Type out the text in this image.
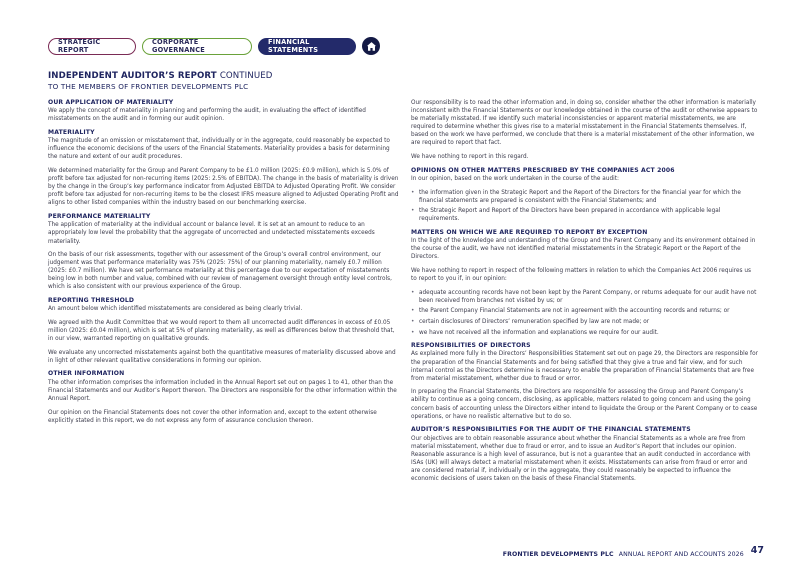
STRATEGIC REPORT
CORPORATE GOVERNANCE
FINANCIAL STATEMENTS
INDEPENDENT AUDITOR’S REPORT CONTINUED
TO THE MEMBERS OF FRONTIER DEVELOPMENTS PLC
OUR APPLICATION OF MATERIALITY

We apply the concept of materiality in planning and performing the audit, in evaluating the effect of identified misstatements on the audit and in forming our audit opinion.

MATERIALITY

The magnitude of an omission or misstatement that, individually or in the aggregate, could reasonably be expected to influence the economic decisions of the users of the Financial Statements. Materiality provides a basis for determining the nature and extent of our audit procedures.

We determined materiality for the Group and Parent Company to be £1.0 million (2025: £0.9 million), which is 5.0% of profit before tax adjusted for non-recurring items (2025: 2.5% of EBITDA). The change in the basis of materiality is driven by the change in the Group’s key performance indicator from Adjusted EBITDA to Adjusted Operating Profit. We consider profit before tax adjusted for non-recurring items to be the closest IFRS measure aligned to Adjusted Operating Profit and aligns to other listed companies within the industry based on our benchmarking exercise.

PERFORMANCE MATERIALITY

The application of materiality at the individual account or balance level. It is set at an amount to reduce to an appropriately low level the probability that the aggregate of uncorrected and undetected misstatements exceeds materiality.

On the basis of our risk assessments, together with our assessment of the Group’s overall control environment, our judgement was that performance materiality was 75% (2025: 75%) of our planning materiality, namely £0.7 million (2025: £0.7 million). We have set performance materiality at this percentage due to our expectation of misstatements being low in both number and value, combined with our review of management oversight through entity level controls, which is also consistent with our previous experience of the Group.

REPORTING THRESHOLD

An amount below which identified misstatements are considered as being clearly trivial.

We agreed with the Audit Committee that we would report to them all uncorrected audit differences in excess of £0.05 million (2025: £0.04 million), which is set at 5% of planning materiality, as well as differences below that threshold that, in our view, warranted reporting on qualitative grounds.

We evaluate any uncorrected misstatements against both the quantitative measures of materiality discussed above and in light of other relevant qualitative considerations in forming our opinion.

OTHER INFORMATION

The other information comprises the information included in the Annual Report set out on pages 1 to 41, other than the Financial Statements and our Auditor’s Report thereon. The Directors are responsible for the other information within the Annual Report.

Our opinion on the Financial Statements does not cover the other information and, except to the extent otherwise explicitly stated in this report, we do not express any form of assurance conclusion thereon.

Our responsibility is to read the other information and, in doing so, consider whether the other information is materially inconsistent with the Financial Statements or our knowledge obtained in the course of the audit or otherwise appears to be materially misstated. If we identify such material inconsistencies or apparent material misstatements, we are required to determine whether this gives rise to a material misstatement in the Financial Statements themselves. If, based on the work we have performed, we conclude that there is a material misstatement of the other information, we are required to report that fact.

We have nothing to report in this regard.

OPINIONS ON OTHER MATTERS PRESCRIBED BY THE COMPANIES ACT 2006

In our opinion, based on the work undertaken in the course of the audit:

• the information given in the Strategic Report and the Report of the Directors for the financial year for which the financial statements are prepared is consistent with the Financial Statements; and
• the Strategic Report and Report of the Directors have been prepared in accordance with applicable legal requirements.
MATTERS ON WHICH WE ARE REQUIRED TO REPORT BY EXCEPTION

In the light of the knowledge and understanding of the Group and the Parent Company and its environment obtained in the course of the audit, we have not identified material misstatements in the Strategic Report or the Report of the Directors.

We have nothing to report in respect of the following matters in relation to which the Companies Act 2006 requires us to report to you if, in our opinion:

• adequate accounting records have not been kept by the Parent Company, or returns adequate for our audit have not been received from branches not visited by us; or
• the Parent Company Financial Statements are not in agreement with the accounting records and returns; or
• certain disclosures of Directors’ remuneration specified by law are not made; or
• we have not received all the information and explanations we require for our audit.
RESPONSIBILITIES OF DIRECTORS

As explained more fully in the Directors’ Responsibilities Statement set out on page 29, the Directors are responsible for the preparation of the Financial Statements and for being satisfied that they give a true and fair view, and for such internal control as the Directors determine is necessary to enable the preparation of Financial Statements that are free from material misstatement, whether due to fraud or error.

In preparing the Financial Statements, the Directors are responsible for assessing the Group and Parent Company’s ability to continue as a going concern, disclosing, as applicable, matters related to going concern and using the going concern basis of accounting unless the Directors either intend to liquidate the Group or the Parent Company or to cease operations, or have no realistic alternative but to do so.

AUDITOR’S RESPONSIBILITIES FOR THE AUDIT OF THE FINANCIAL STATEMENTS

Our objectives are to obtain reasonable assurance about whether the Financial Statements as a whole are free from material misstatement, whether due to fraud or error, and to issue an Auditor’s Report that includes our opinion. Reasonable assurance is a high level of assurance, but is not a guarantee that an audit conducted in accordance with ISAs (UK) will always detect a material misstatement when it exists. Misstatements can arise from fraud or error and are considered material if, individually or in the aggregate, they could reasonably be expected to influence the economic decisions of users taken on the basis of these Financial Statements.

FRONTIER DEVELOPMENTS PLC ANNUAL REPORT AND ACCOUNTS 2026 47
